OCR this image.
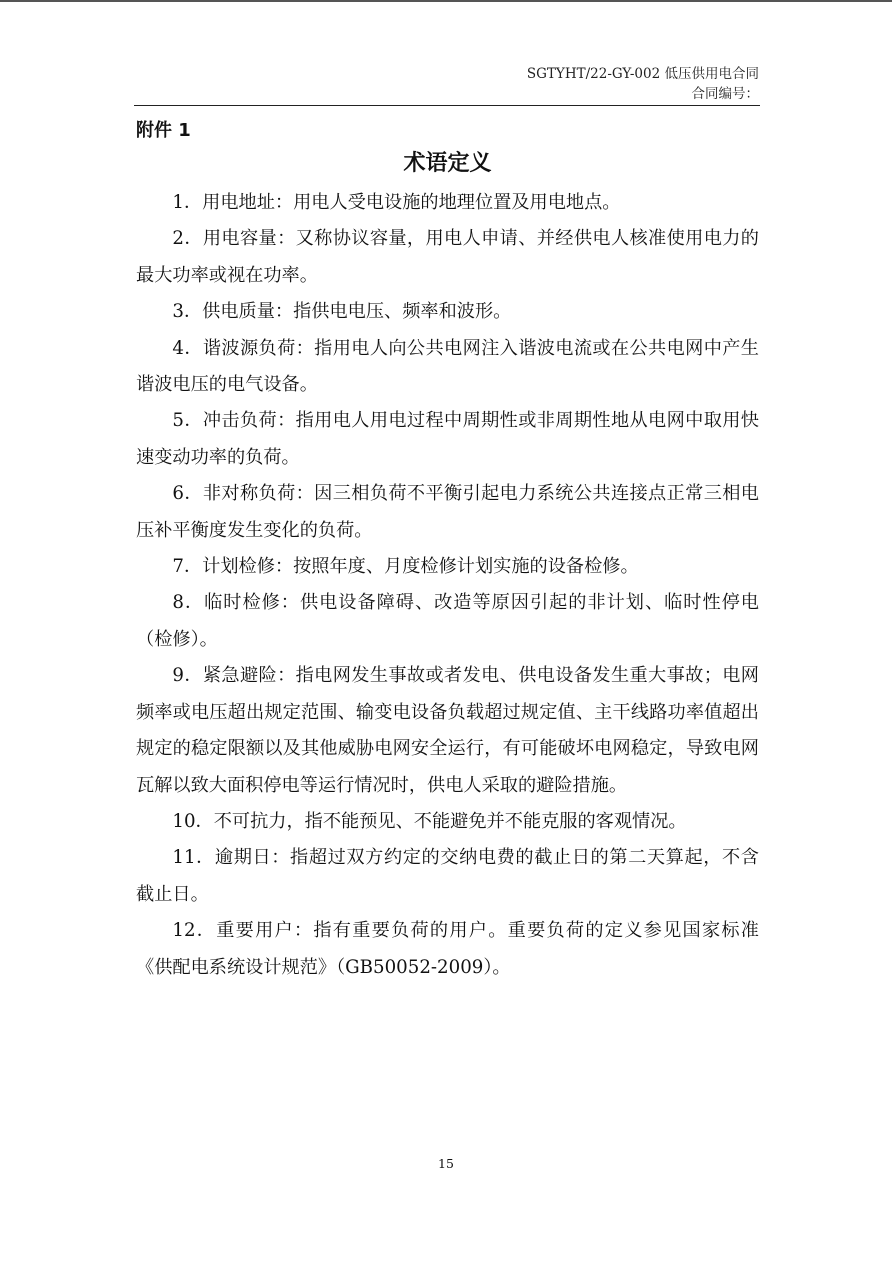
SGTYHT/22-GY-002 低压供用电合同
合同编号：
附件 1
术语定义

1．用电地址：用电人受电设施的地理位置及用电地点。

2．用电容量：又称协议容量，用电人申请、并经供电人核准使用电力的最大功率或视在功率。

3．供电质量：指供电电压、频率和波形。

4．谐波源负荷：指用电人向公共电网注入谐波电流或在公共电网中产生谐波电压的电气设备。

5．冲击负荷：指用电人用电过程中周期性或非周期性地从电网中取用快速变动功率的负荷。

6．非对称负荷：因三相负荷不平衡引起电力系统公共连接点正常三相电压补平衡度发生变化的负荷。

7．计划检修：按照年度、月度检修计划实施的设备检修。

8．临时检修：供电设备障碍、改造等原因引起的非计划、临时性停电（检修）。

9．紧急避险：指电网发生事故或者发电、供电设备发生重大事故；电网频率或电压超出规定范围、输变电设备负载超过规定值、主干线路功率值超出规定的稳定限额以及其他威胁电网安全运行，有可能破坏电网稳定，导致电网瓦解以致大面积停电等运行情况时，供电人采取的避险措施。

10．不可抗力，指不能预见、不能避免并不能克服的客观情况。

11．逾期日：指超过双方约定的交纳电费的截止日的第二天算起，不含截止日。

12．重要用户：指有重要负荷的用户。重要负荷的定义参见国家标准《供配电系统设计规范》（GB50052-2009）。

15
